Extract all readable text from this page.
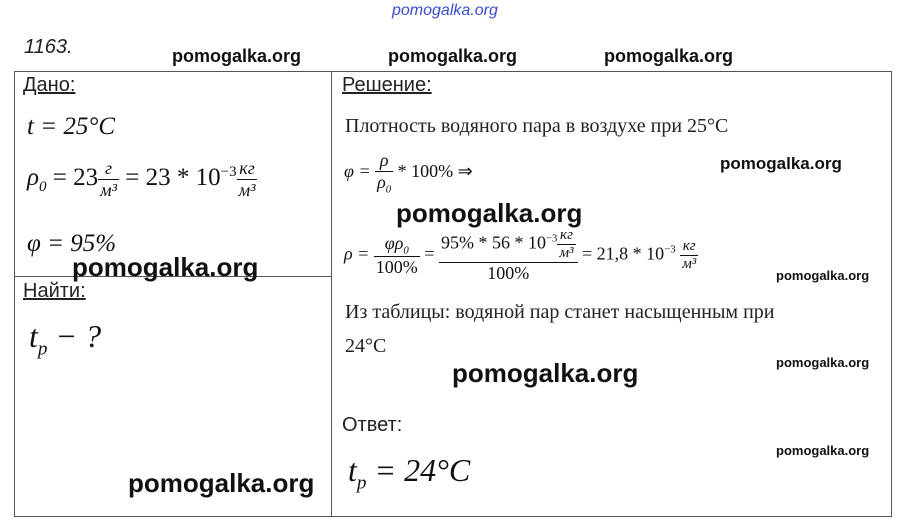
pomogalka.org
1163.	pomogalka.org	pomogalka.org	pomogalka.org
Дано:
t = 25°C
$\rho_0 = 23 \frac{г}{\text{м³}} = 23 * 10^{-3} \frac{кг}{\text{м³}}$
φ = 95%
pomogalka.org
Найти:
$t_p$ − ?
pomogalka.org
Решение:
Плотность водяного пара в воздухе при 25°C
pomogalka.org
$\varphi = \frac{\rho}{\rho_0} * 100\%$ ⇒
pomogalka.org
$\rho = \frac{\varphi\rho_0}{100\%} = \frac{95\% * 56 * 10^{-3} \frac{кг}{\text{м³}}}{100\%} = 21,8 * 10^{-3} \frac{кг}{\text{м³}}$
pomogalka.org
Из таблицы: водяной пар станет насыщенным при
24°C
pomogalka.org
pomogalka.org
Ответ:
pomogalka.org
$t_p = 24^\circ C$
